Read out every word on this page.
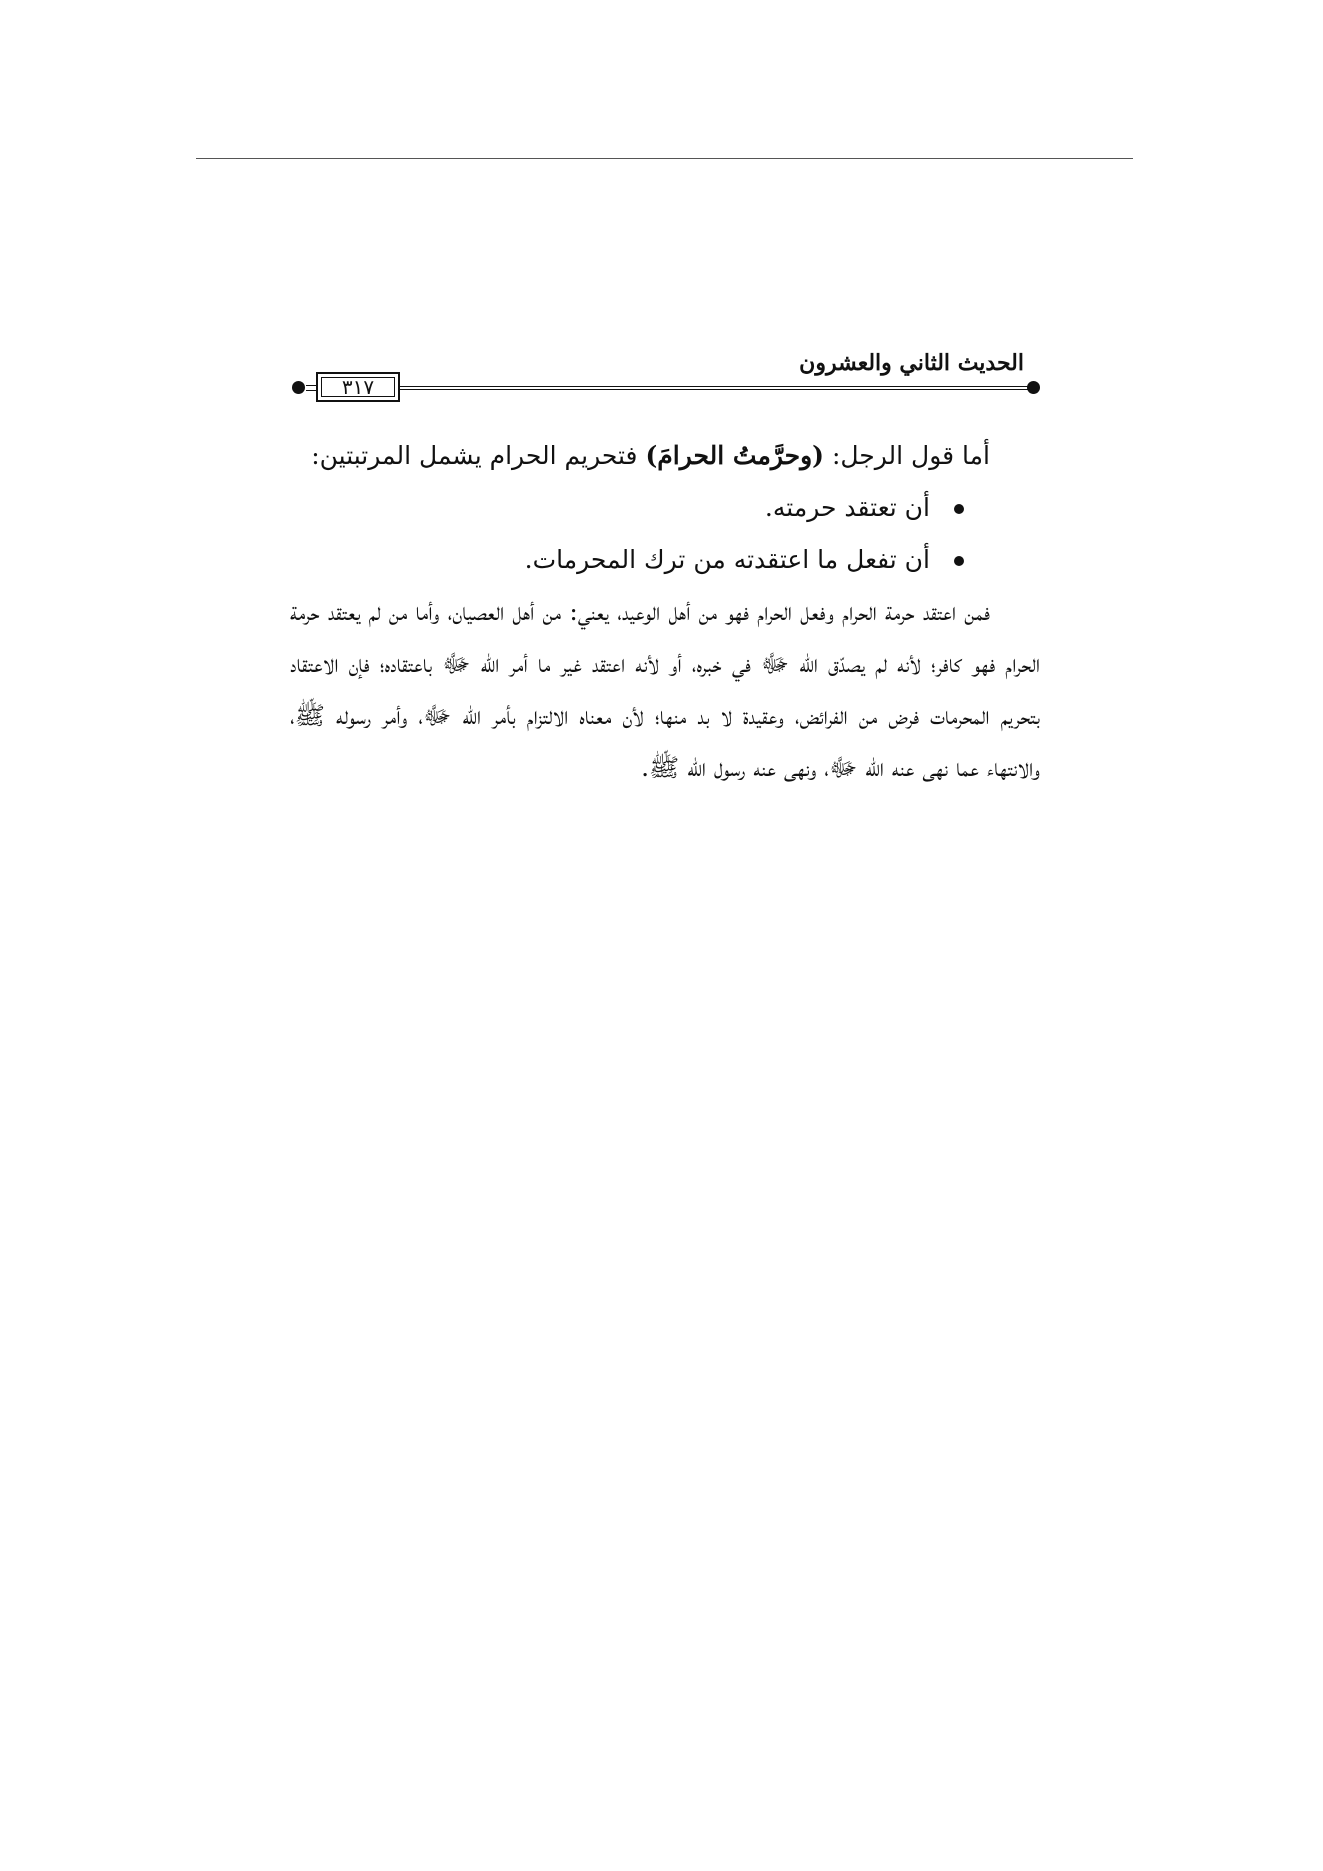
الحديث الثاني والعشرون
٣١٧

أما قول الرجل: (وحرَّمتُ الحرامَ) فتحريم الحرام يشمل المرتبتين:

أن تعتقد حرمته.
أن تفعل ما اعتقدته من ترك المحرمات.

فمن اعتقد حرمة الحرام وفعل الحرام فهو من أهل الوعيد، يعني: من أهل العصيان، وأما من لم يعتقد حرمة الحرام فهو كافر؛ لأنه لم يصدّق الله ﷻ في خبره، أو لأنه اعتقد غير ما أمر الله ﷻ باعتقاده؛ فإن الاعتقاد بتحريم المحرمات فرض من الفرائض، وعقيدة لا بد منها؛ لأن معناه الالتزام بأمر الله ﷻ، وأمر رسوله ﷺ، والانتهاء عما نهى عنه الله ﷻ، ونهى عنه رسول الله ﷺ.
